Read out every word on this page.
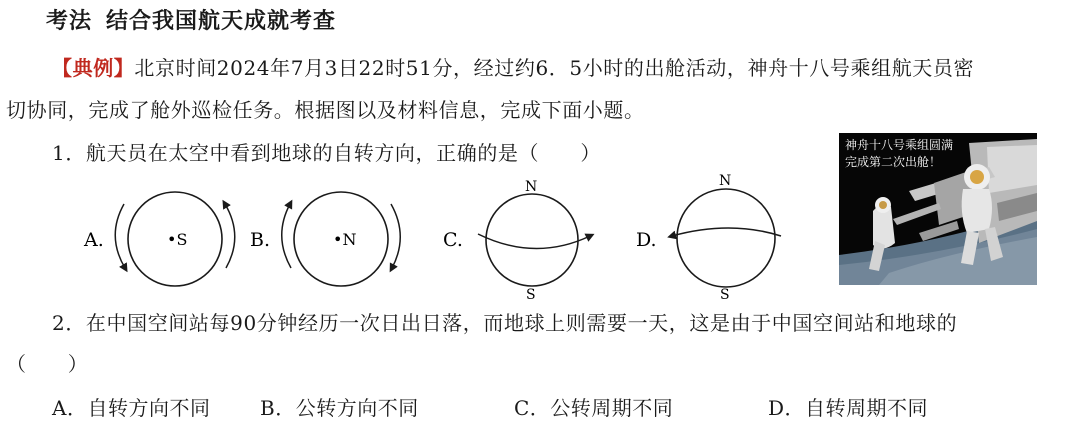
考法 结合我国航天成就考查
【典例】北京时间2024年7月3日22时51分，经过约6．5小时的出舱活动，神舟十八号乘组航天员密
切协同，完成了舱外巡检任务。根据图以及材料信息，完成下面小题。
1．航天员在太空中看到地球的自转方向，正确的是（　　）
A.	•S	B.	•N	C.
N
S
D.
N
S
神舟十八号乘组圆满
完成第二次出舱！
2．在中国空间站每90分钟经历一次日出日落，而地球上则需要一天，这是由于中国空间站和地球的
（　　）
A．自转方向不同 B．公转方向不同	C．公转周期不同	D．自转周期不同
